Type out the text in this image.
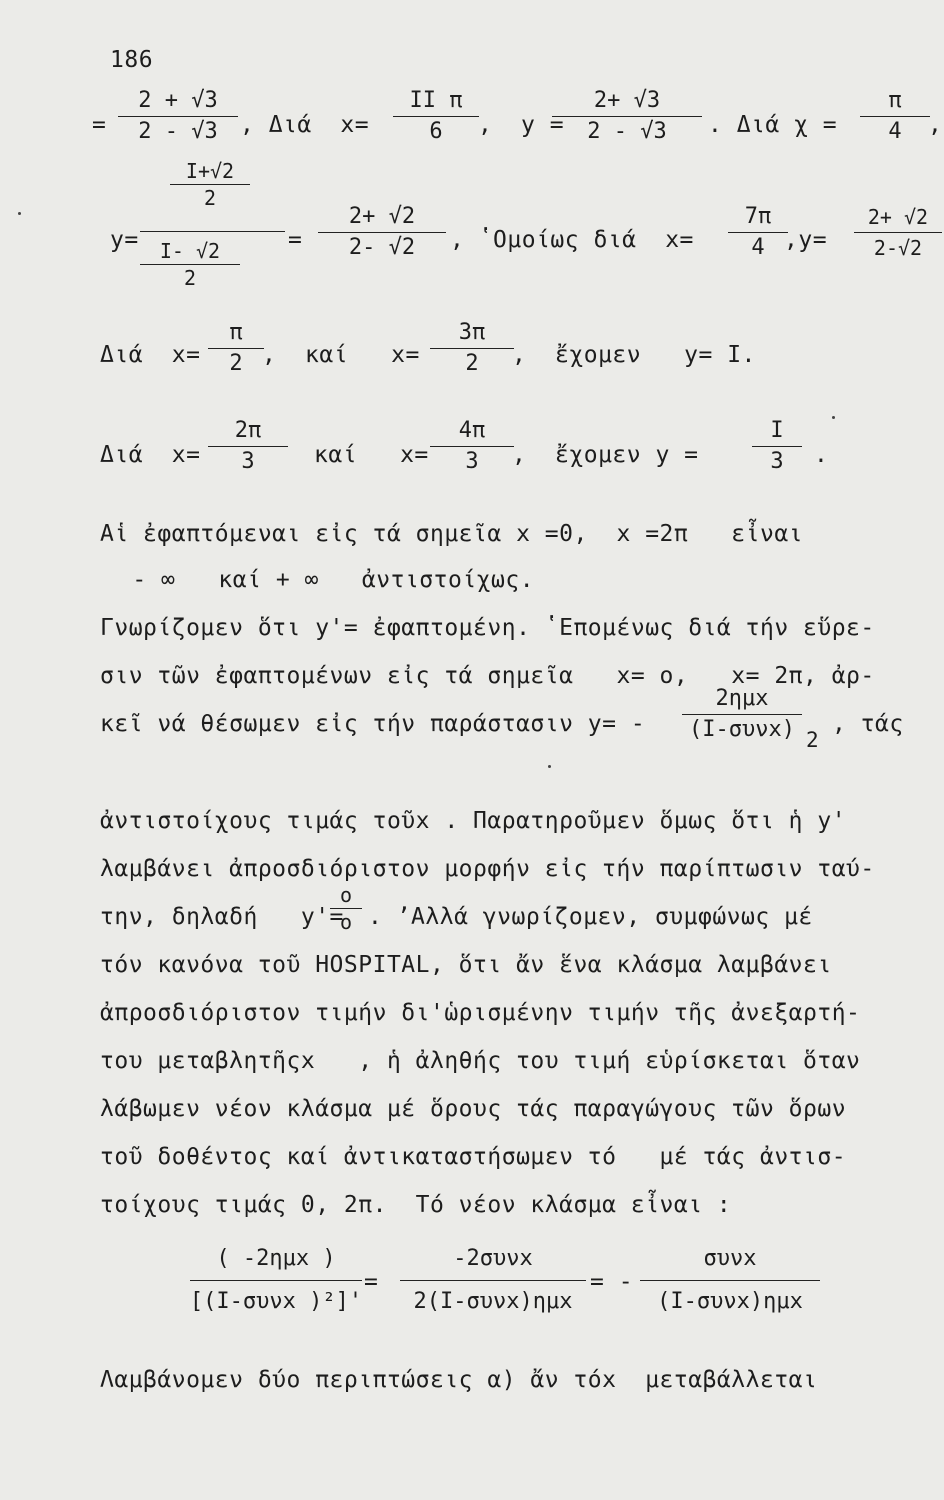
186
=
2 + √3
2 - √3 , Διά  x=
II π
6 ,  y =
2+ √3
2 - √3 . Διά χ =
π
4 ,
y=
I+√2
2
I- √2
2
=
2+ √2
2- √2 , ʽΟμοίως διά  x=
7π
4 ,y=
2+ √2
2-√2
Διά  x=
π
2 ,  καί   x=
3π
2 ,  ἔχομεν   y= I.
Διά  x=
2π
3	καί   x=
4π
3 ,  ἔχομεν y =
I
3 .
Αἱ ἐφαπτόμεναι εἰς τά σημεῖα x =0,  x =2π   εἶναι
- ∞   καί + ∞   ἀντιστοίχως.
Γνωρίζομεν ὅτι y'= ἐφαπτομένη. ʽΕπομένως διά τήν εὕρε-
σιν τῶν ἐφαπτομένων εἰς τά σημεῖα   x= o,   x= 2π, ἀρ-
κεῖ νά θέσωμεν εἰς τήν παράστασιν y= -
2ημx
(I-συνx) 2
, τάς
ἀντιστοίχους τιμάς τοῦx . Παρατηροῦμεν ὅμως ὅτι ἡ y'
λαμβάνει ἀπροσδιόριστον μορφήν εἰς τήν παρίπτωσιν ταύ-
την, δηλαδή   y'=
o
o . ʼΑλλά γνωρίζομεν, συμφώνως μέ
τόν κανόνα τοῦ HOSPITAL, ὅτι ἄν ἕνα κλάσμα λαμβάνει
ἀπροσδιόριστον τιμήν δι'ὡρισμένην τιμήν τῆς ἀνεξαρτή-
του μεταβλητῆςx   , ἡ ἀληθής του τιμή εὑρίσκεται ὅταν
λάβωμεν νέον κλάσμα μέ ὅρους τάς παραγώγους τῶν ὅρων
τοῦ δοθέντος καί ἀντικαταστήσωμεν τό   μέ τάς ἀντισ-
τοίχους τιμάς 0, 2π.  Τό νέον κλάσμα εἶναι :
( -2ημx )
[(I-συνx )²]'
=
-2συνx
2(I-συνx)ημx
= -
συνx
(I-συνx)ημx
Λαμβάνομεν δύο περιπτώσεις α) ἄν τόx  μεταβάλλεται
